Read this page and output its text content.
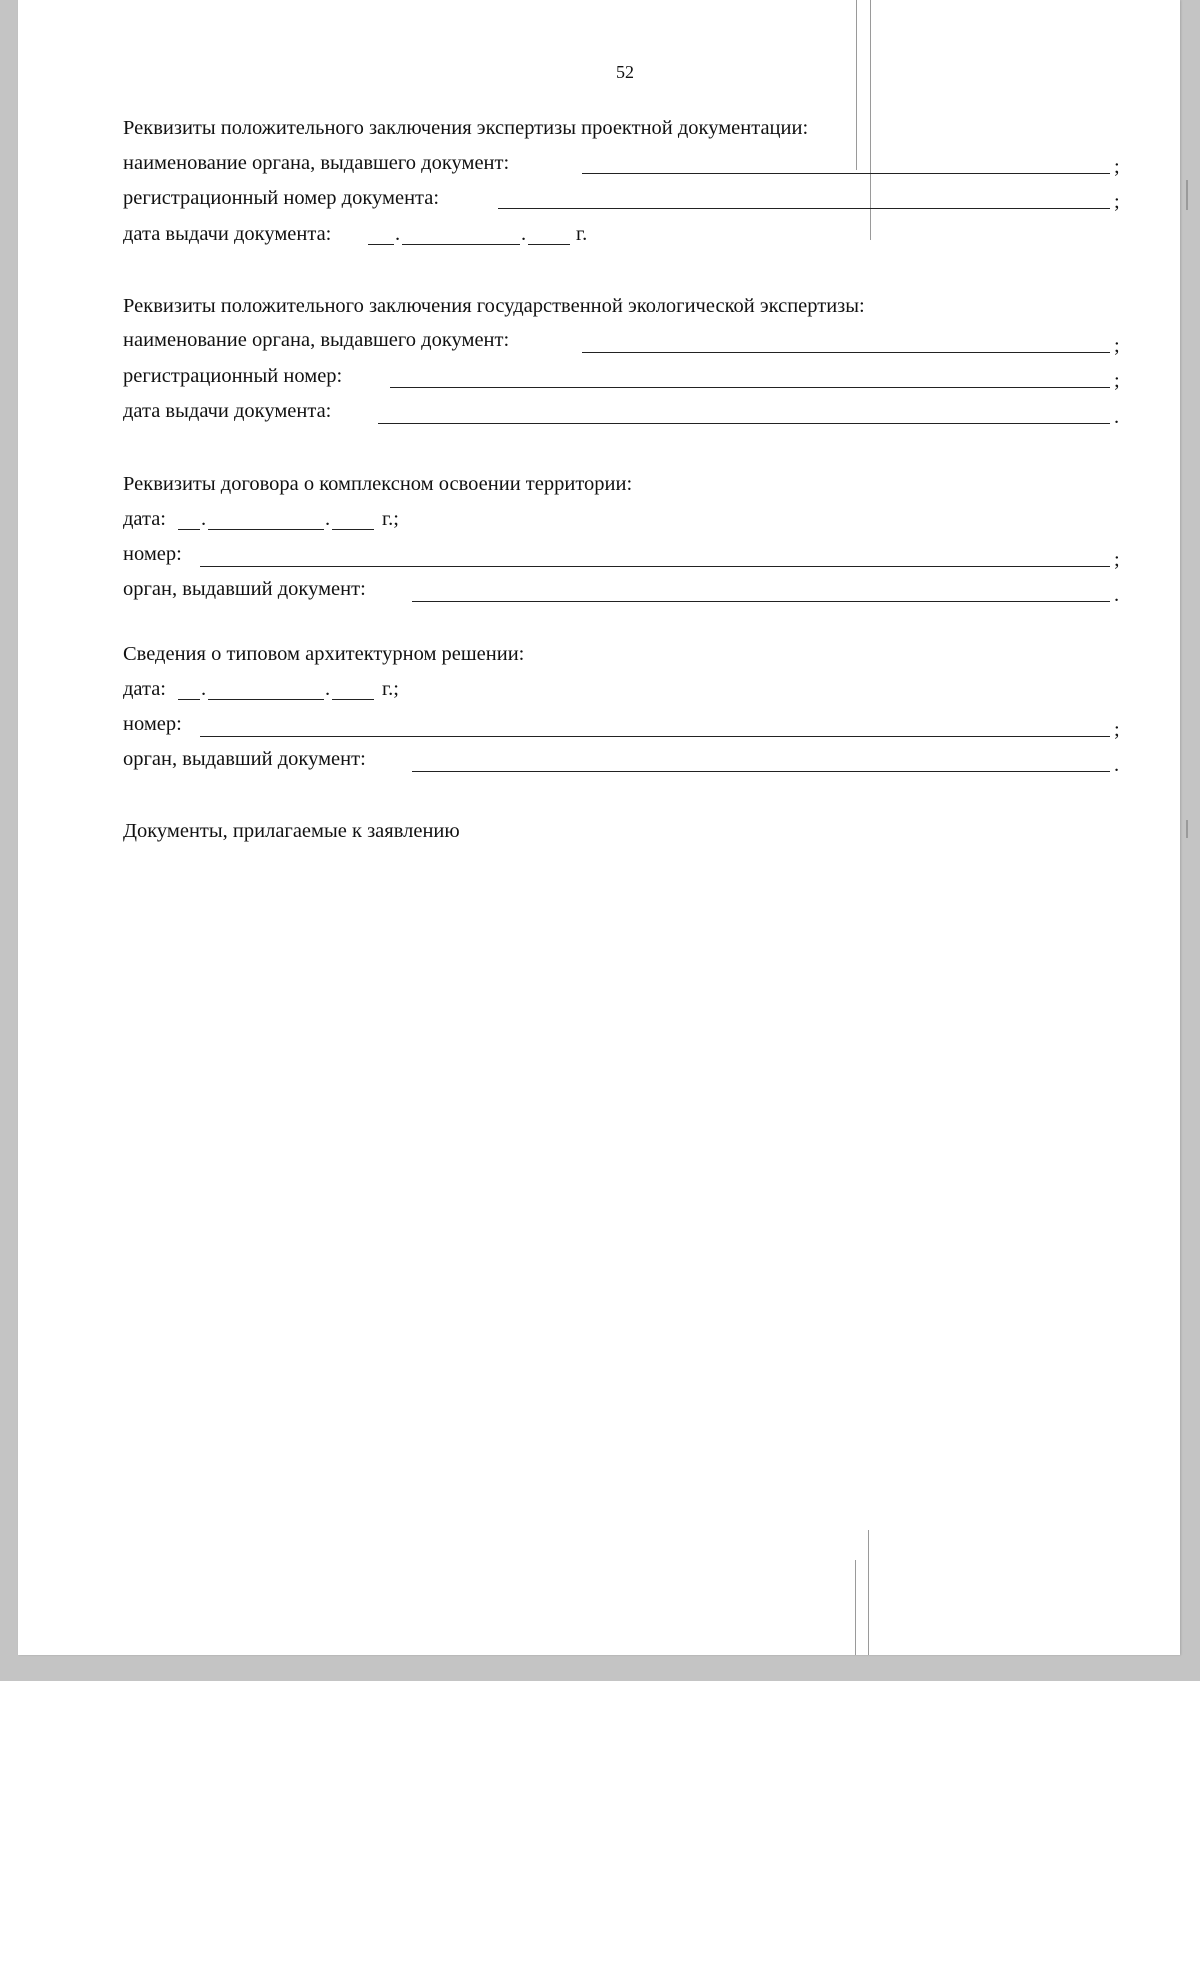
52
Реквизиты положительного заключения экспертизы проектной документации:
наименование органа, выдавшего документ:	;
регистрационный номер документа:	;
дата выдачи документа:	.	. г.
Реквизиты положительного заключения государственной экологической экспертизы:
наименование органа, выдавшего документ:	;
регистрационный номер:	;
дата выдачи документа:	.
Реквизиты договора о комплексном освоении территории:
дата: .	.	г.;
номер:	;
орган, выдавший документ:	.
Сведения о типовом архитектурном решении:
дата: .	.	г.;
номер:	;
орган, выдавший документ:	.
Документы, прилагаемые к заявлению
